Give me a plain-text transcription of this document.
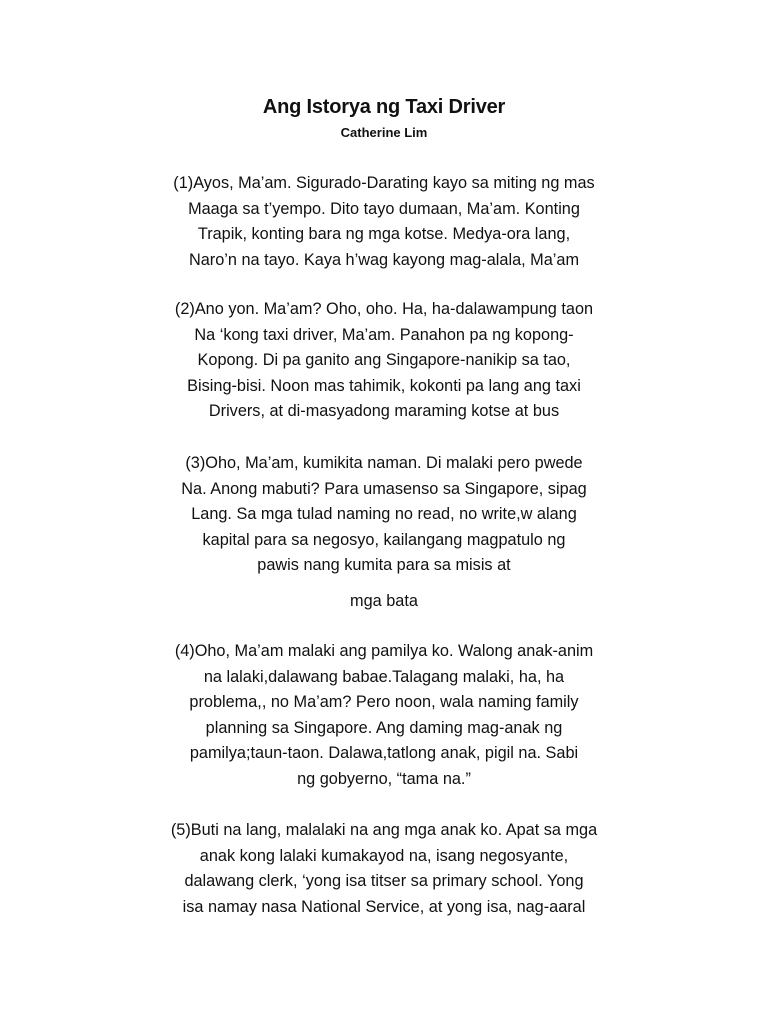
Ang Istorya ng Taxi Driver
Catherine Lim
(1)Ayos, Ma’am. Sigurado-Darating kayo sa miting ng mas
Maaga sa t’yempo. Dito tayo dumaan, Ma’am. Konting
Trapik, konting bara ng mga kotse. Medya-ora lang,
Naro’n na tayo. Kaya h’wag kayong mag-alala, Ma’am
(2)Ano yon. Ma’am? Oho, oho. Ha, ha-dalawampung taon
Na ‘kong taxi driver, Ma’am. Panahon pa ng kopong-
Kopong. Di pa ganito ang Singapore-nanikip sa tao,
Bising-bisi. Noon mas tahimik, kokonti pa lang ang taxi
Drivers, at di-masyadong maraming kotse at bus
(3)Oho, Ma’am, kumikita naman. Di malaki pero pwede
Na. Anong mabuti? Para umasenso sa Singapore, sipag
Lang. Sa mga tulad naming no read, no write,w alang
kapital para sa negosyo, kailangang magpatulo ng
pawis nang kumita para sa misis at
mga bata
(4)Oho, Ma’am malaki ang pamilya ko. Walong anak-anim
na lalaki,dalawang babae.Talagang malaki, ha, ha
problema,, no Ma’am? Pero noon, wala naming family
planning sa Singapore. Ang daming mag-anak ng
pamilya;taun-taon. Dalawa,tatlong anak, pigil na. Sabi
ng gobyerno, “tama na.”
(5)Buti na lang, malalaki na ang mga anak ko. Apat sa mga
anak kong lalaki kumakayod na, isang negosyante,
dalawang clerk, ‘yong isa titser sa primary school. Yong
isa namay nasa National Service, at yong isa, nag-aaral
